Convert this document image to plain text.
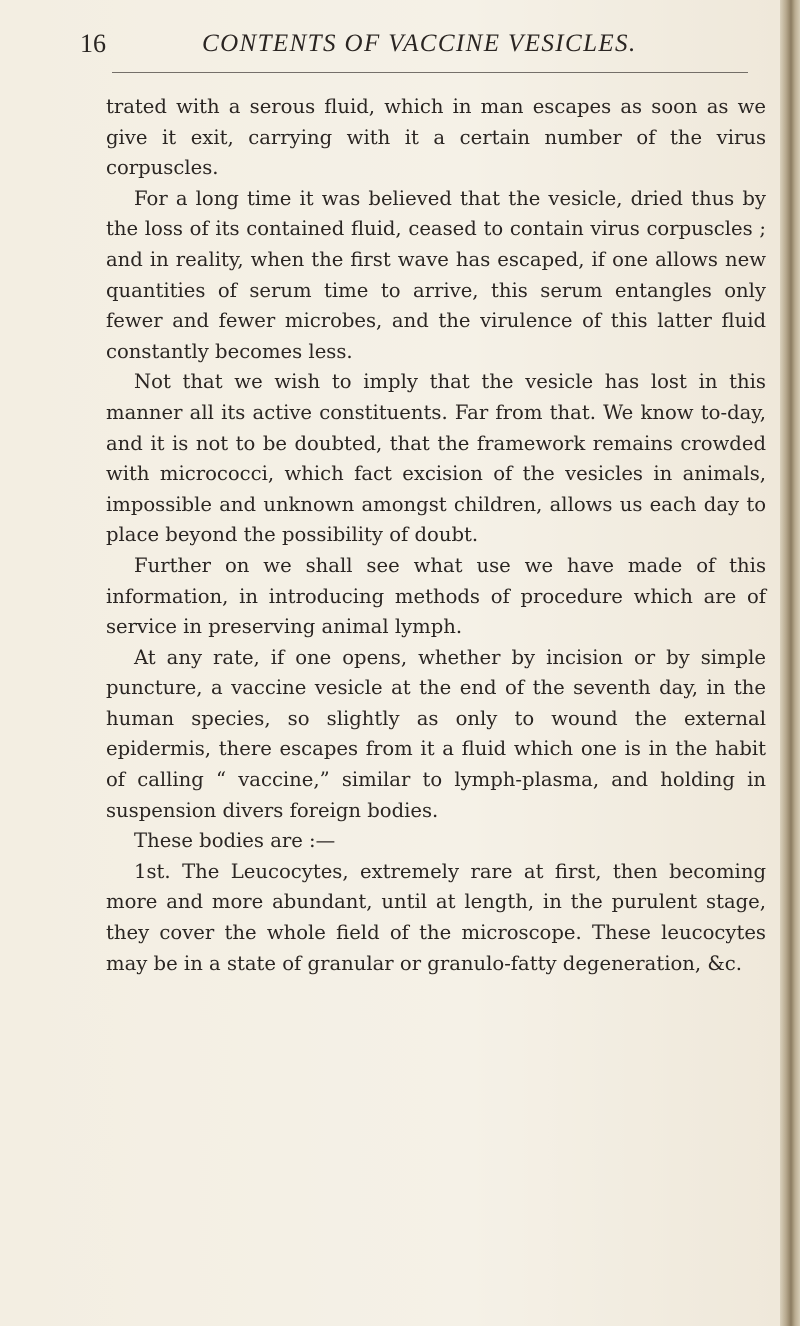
16	CONTENTS OF VACCINE VESICLES.

trated with a serous fluid, which in man escapes as soon as we give it exit, carrying with it a certain number of the virus corpuscles.

For a long time it was believed that the vesicle, dried thus by the loss of its contained fluid, ceased to contain virus corpuscles ; and in reality, when the first wave has escaped, if one allows new quantities of serum time to arrive, this serum entangles only fewer and fewer microbes, and the virulence of this latter fluid constantly becomes less.

Not that we wish to imply that the vesicle has lost in this manner all its active constituents. Far from that. We know to-day, and it is not to be doubted, that the framework remains crowded with micrococci, which fact excision of the vesicles in animals, impossible and unknown amongst children, allows us each day to place beyond the possibility of doubt.

Further on we shall see what use we have made of this information, in introducing methods of procedure which are of service in preserving animal lymph.

At any rate, if one opens, whether by incision or by simple puncture, a vaccine vesicle at the end of the seventh day, in the human species, so slightly as only to wound the external epidermis, there escapes from it a fluid which one is in the habit of calling “ vaccine,” similar to lymph-plasma, and holding in suspension divers foreign bodies.

These bodies are :—

1st. The Leucocytes, extremely rare at first, then becoming more and more abundant, until at length, in the purulent stage, they cover the whole field of the microscope. These leucocytes may be in a state of granular or granulo-fatty degeneration, &c.
